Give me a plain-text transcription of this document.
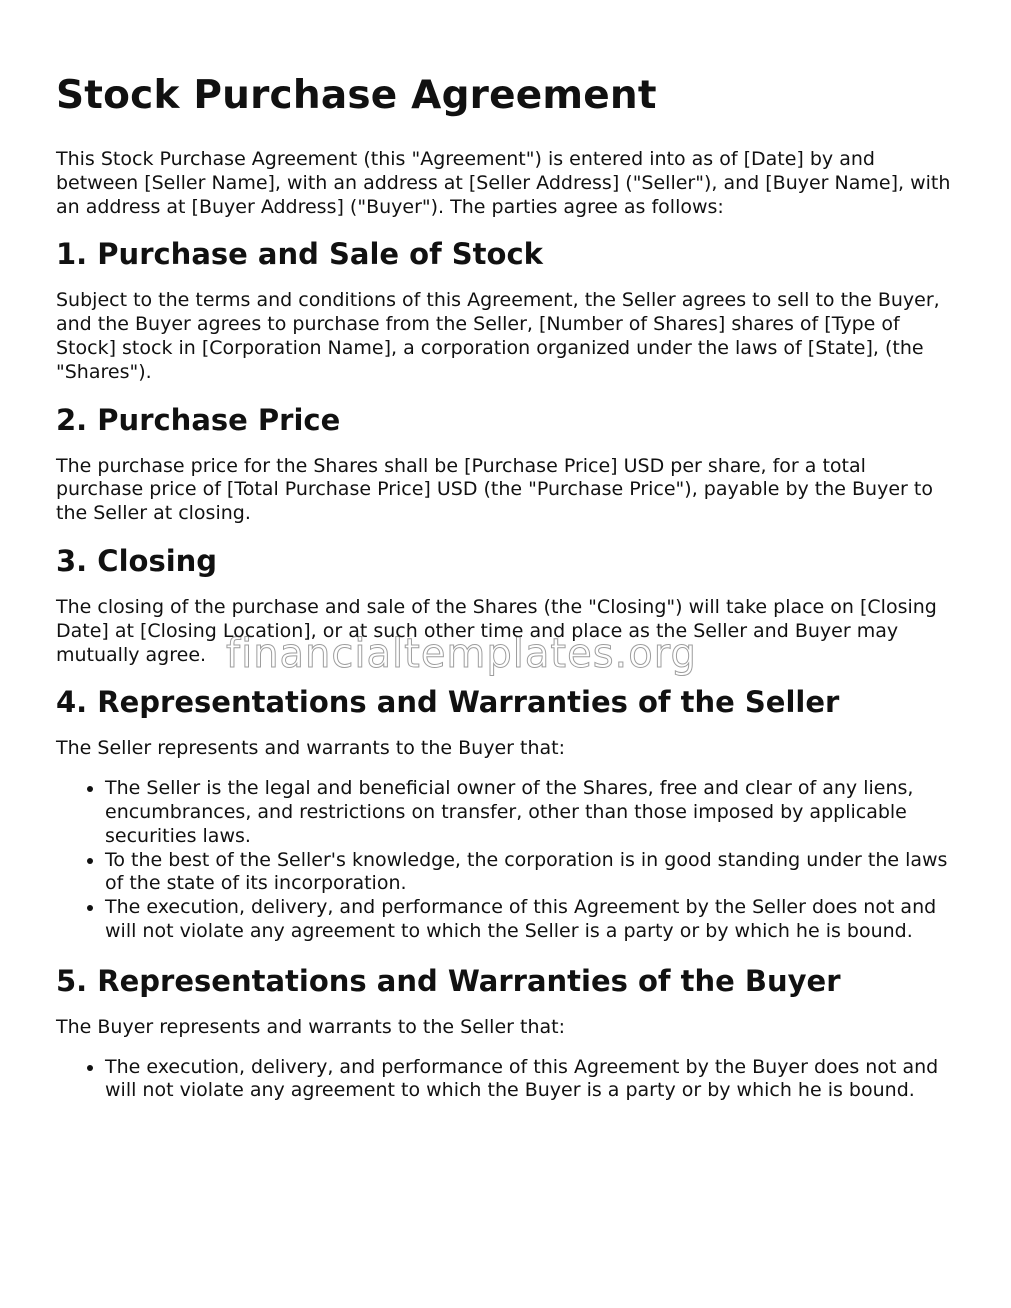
Stock Purchase Agreement

This Stock Purchase Agreement (this "Agreement") is entered into as of [Date] by and between [Seller Name], with an address at [Seller Address] ("Seller"), and [Buyer Name], with an address at [Buyer Address] ("Buyer"). The parties agree as follows:

1. Purchase and Sale of Stock

Subject to the terms and conditions of this Agreement, the Seller agrees to sell to the Buyer, and the Buyer agrees to purchase from the Seller, [Number of Shares] shares of [Type of Stock] stock in [Corporation Name], a corporation organized under the laws of [State], (the "Shares").

2. Purchase Price

The purchase price for the Shares shall be [Purchase Price] USD per share, for a total purchase price of [Total Purchase Price] USD (the "Purchase Price"), payable by the Buyer to the Seller at closing.

3. Closing

The closing of the purchase and sale of the Shares (the "Closing") will take place on [Closing Date] at [Closing Location], or at such other time and place as the Seller and Buyer may mutually agree.

4. Representations and Warranties of the Seller

The Seller represents and warrants to the Buyer that:

• The Seller is the legal and beneficial owner of the Shares, free and clear of any liens, encumbrances, and restrictions on transfer, other than those imposed by applicable securities laws.
• To the best of the Seller's knowledge, the corporation is in good standing under the laws of the state of its incorporation.
• The execution, delivery, and performance of this Agreement by the Seller does not and will not violate any agreement to which the Seller is a party or by which he is bound.
5. Representations and Warranties of the Buyer

The Buyer represents and warrants to the Seller that:

• The execution, delivery, and performance of this Agreement by the Buyer does not and will not violate any agreement to which the Buyer is a party or by which he is bound.
financialtemplates.org
